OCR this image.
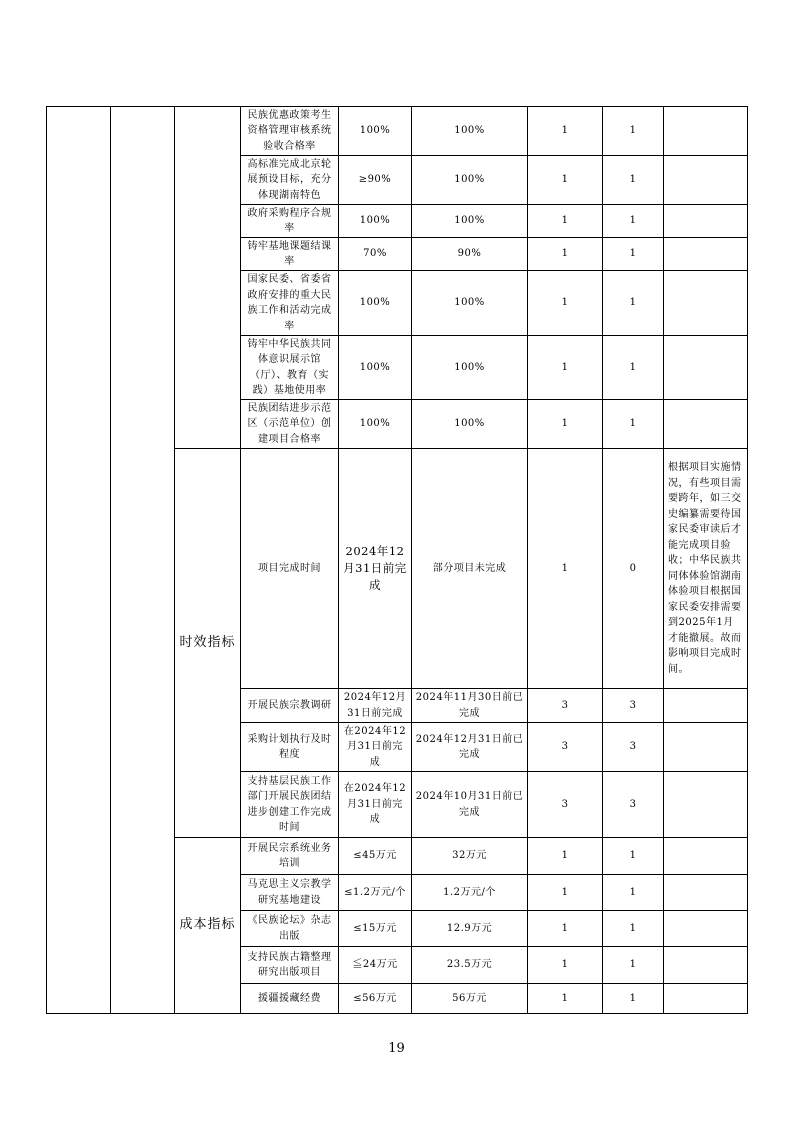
			民族优惠政策考生资格管理审核系统验收合格率	100%	100%	1	1	
			高标准完成北京轮展预设目标，充分体现湖南特色	≥90%	100%	1	1	
			政府采购程序合规率	100%	100%	1	1	
			铸牢基地课题结课率	70%	90%	1	1	
			国家民委、省委省政府安排的重大民族工作和活动完成率	100%	100%	1	1	
			铸牢中华民族共同体意识展示馆（厅）、教育（实践）基地使用率	100%	100%	1	1	
			民族团结进步示范区（示范单位）创建项目合格率	100%	100%	1	1	
		时效指标	项目完成时间	2024年12月31日前完成	部分项目未完成	1	0	根据项目实施情况，有些项目需要跨年，如三交史编纂需要待国家民委审读后才能完成项目验收；中华民族共同体体验馆湖南体验项目根据国家民委安排需要到2025年1月才能撤展。故而影响项目完成时间。
			开展民族宗教调研	2024年12月31日前完成	2024年11月30日前已完成	3	3	
			采购计划执行及时程度	在2024年12月31日前完成	2024年12月31日前已完成	3	3	
			支持基层民族工作部门开展民族团结进步创建工作完成时间	在2024年12月31日前完成	2024年10月31日前已完成	3	3	
		成本指标	开展民宗系统业务培训	≤45万元	32万元	1	1	
			马克思主义宗教学研究基地建设	≤1.2万元/个	1.2万元/个	1	1	
			《民族论坛》杂志出版	≤15万元	12.9万元	1	1	
			支持民族古籍整理研究出版项目	≦24万元	23.5万元	1	1	
			援疆援藏经费	≤56万元	56万元	1	1	
19
